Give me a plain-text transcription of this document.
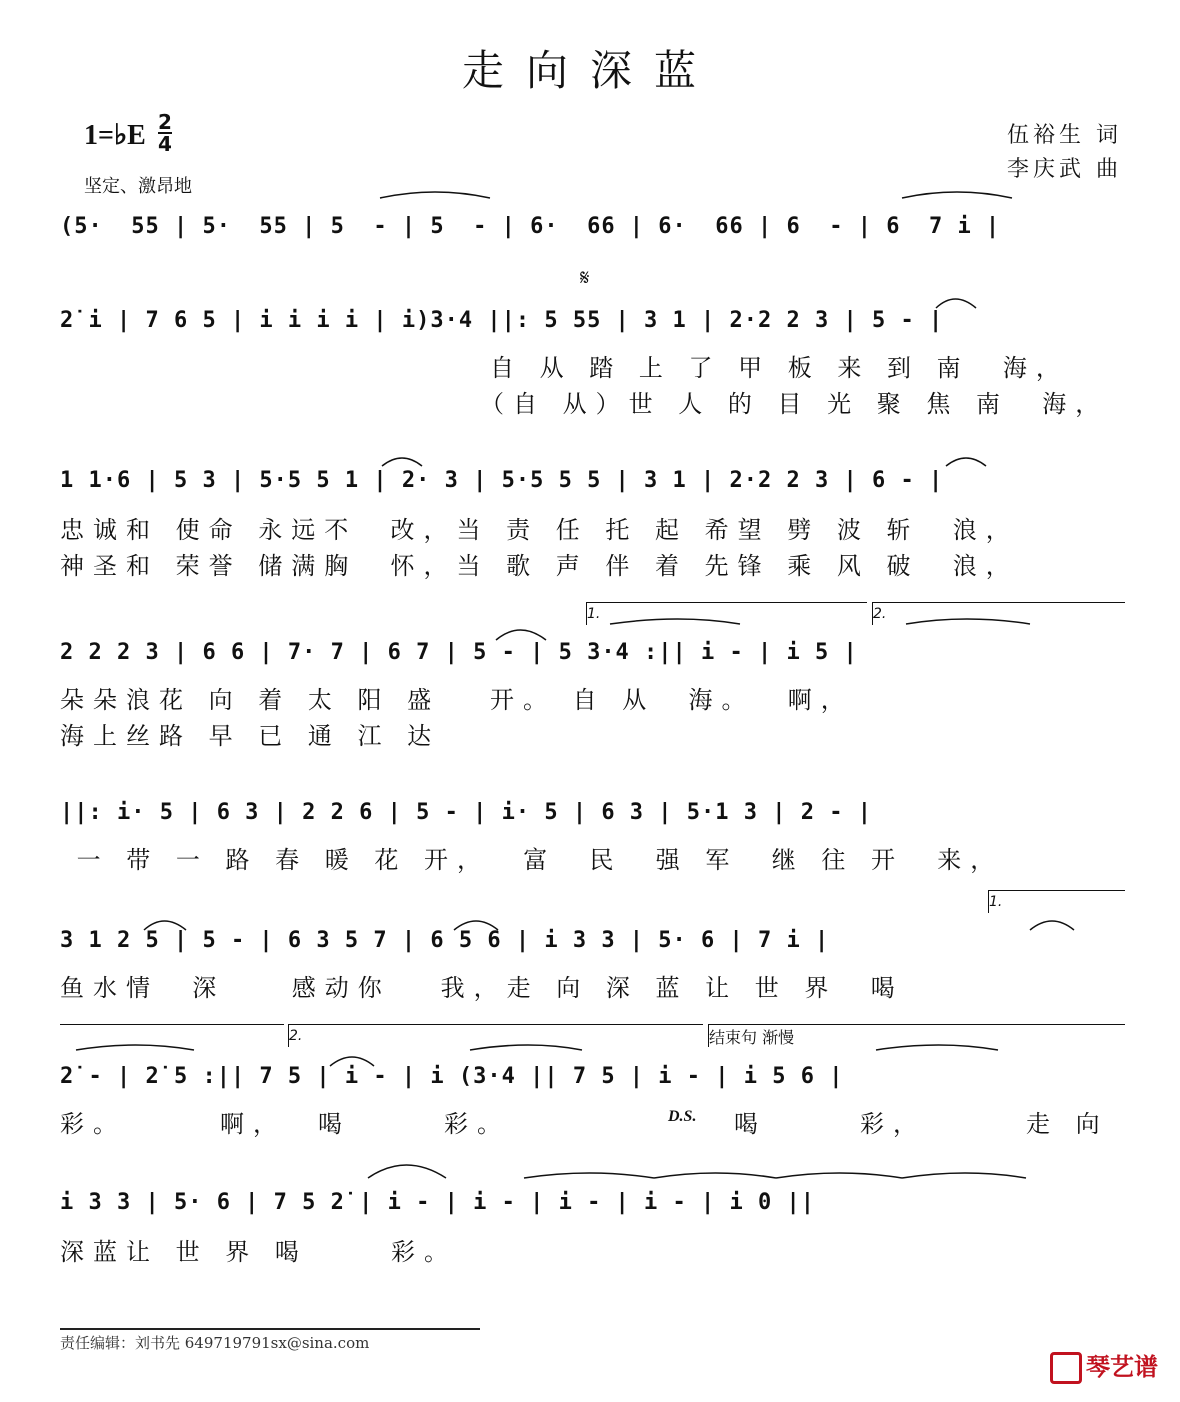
走向深蓝
1=♭E 2
4
坚定、激昂地
伍裕生 词
李庆武 曲
(5·  55 | 5·  55 | 5  - | 5  - | 6·  66 | 6·  66 | 6  - | 6  7 i |
𝄋
2̇ i | 7 6 5 | i i i i | i)3·4 ||: 5 55 | 3 1 | 2·2 2 3 | 5 - |
自 从 踏 上 了 甲 板 来 到 南  海，
（自 从）世 人 的 目 光 聚 焦 南  海，
1 1·6 | 5 3 | 5·5 5 1 | 2· 3 | 5·5 5 5 | 3 1 | 2·2 2 3 | 6 - |
忠诚和 使命 永远不  改，当 责 任 托 起 希望 劈 波 斩  浪，
神圣和 荣誉 储满胸  怀，当 歌 声 伴 着 先锋 乘 风 破  浪，
1.	2.
2 2 2 3 | 6 6 | 7· 7 | 6 7 | 5 - | 5 3·4 :|| i - | i 5 |
朵朵浪花 向 着 太 阳 盛   开。 自 从  海。  啊，
海上丝路 早 已 通 江 达
||: i· 5 | 6 3 | 2 2 6 | 5 - | i· 5 | 6 3 | 5·1 3 | 2 - |
一 带 一 路 春 暖 花 开，  富  民  强 军  继 往 开  来，
1.
3 1 2 5 | 5 - | 6 3 5 7 | 6 5 6 | i 3 3 | 5· 6 | 7 i |
鱼水情  深    感动你   我，走 向 深 蓝 让 世 界  喝
2.	结束句 渐慢
2̇ - | 2̇ 5 :|| 7 5 | i - | i (3·4 || 7 5 | i - | i 5 6 |
彩。	啊，	喝	彩。	D.S. 喝	彩，	走 向
i 3 3 | 5· 6 | 7 5 2̇ | i - | i - | i - | i - | i 0 ||
深蓝让 世 界 喝     彩。
责任编辑：刘书先 649719791sx@sina.com
琴艺谱
